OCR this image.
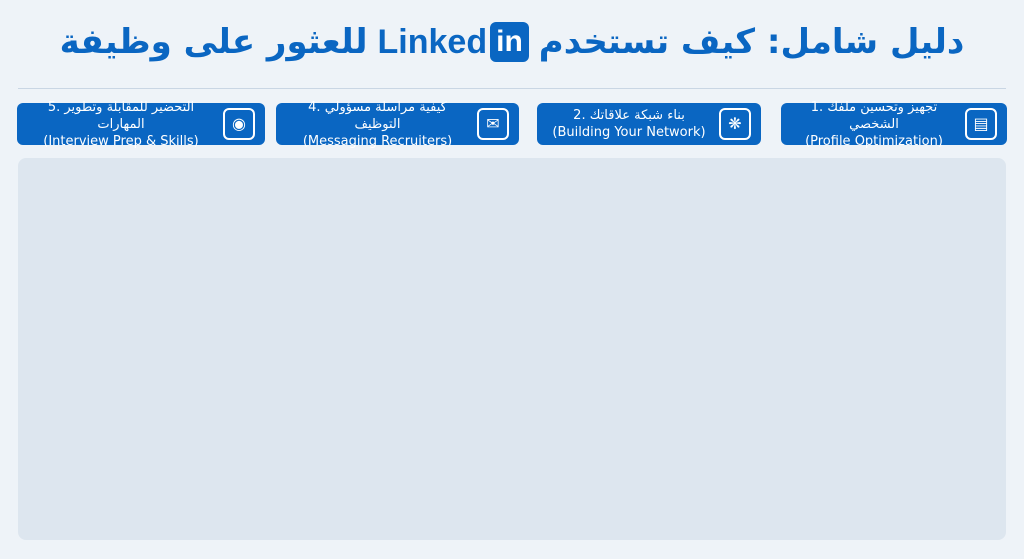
دليل شامل: كيف تستخدم
Linked in
للعثور على وظيفة
1. تجهيز وتحسين ملفك الشخصي
(Profile Optimization)
▤
2. بناء شبكة علاقاتك
(Building Your Network)	❋
4. كيفية مراسلة مسؤولي التوظيف
(Messaging Recruiters)
✉
5. التحضير للمقابلة وتطوير المهارات
(Interview Prep & Skills)
◉
